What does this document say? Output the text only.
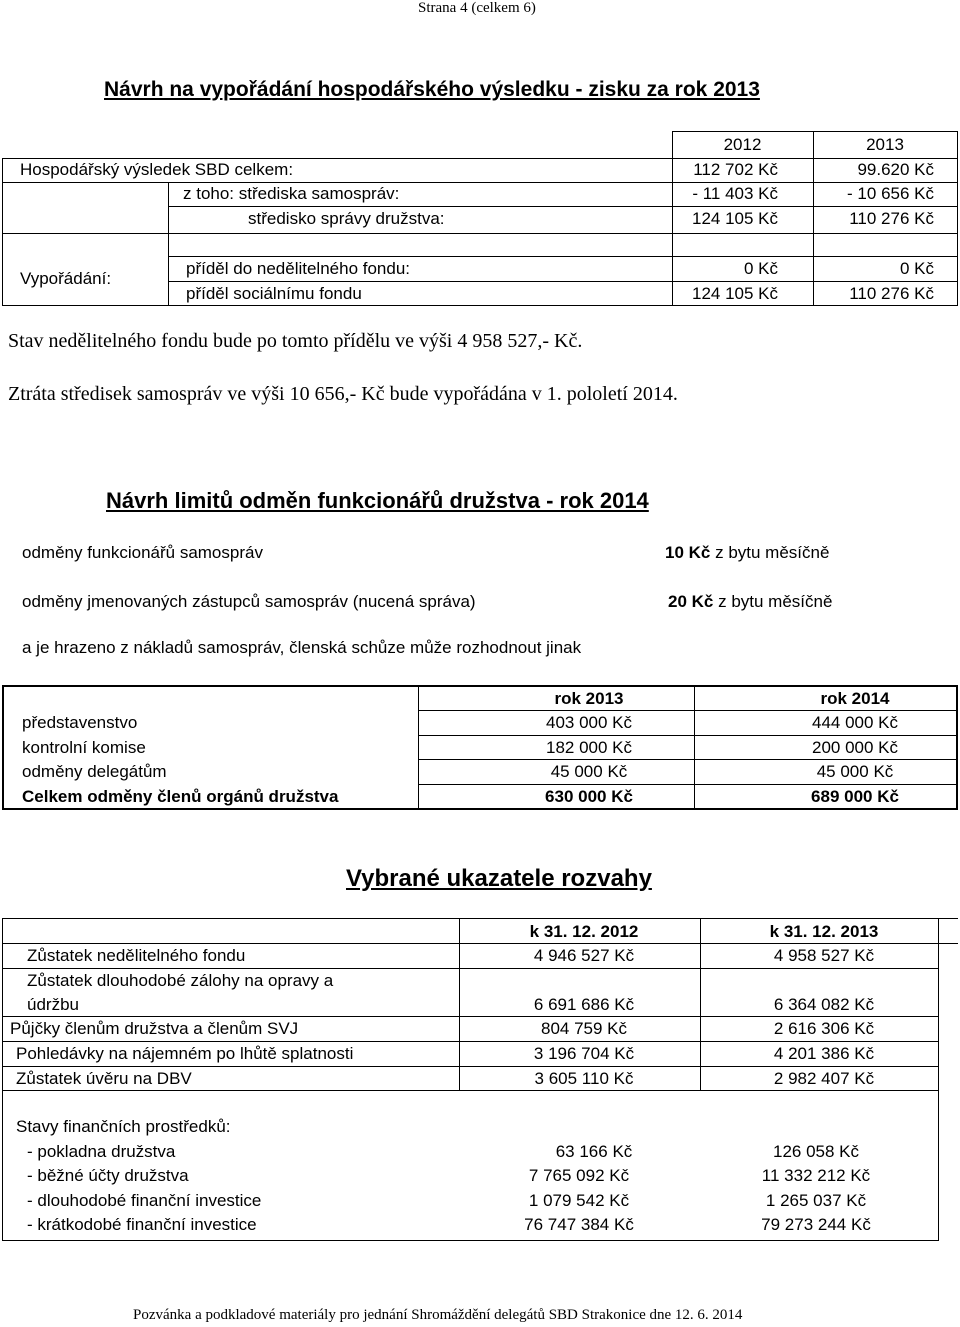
Strana 4 (celkem 6)
Návrh na vypořádání hospodářského výsledku - zisku za rok 2013
2012	2013
Hospodářský výsledek SBD celkem:	112 702 Kč	99.620 Kč
z toho: střediska samospráv:	- 11 403 Kč	- 10 656 Kč
středisko správy družstva:	124 105 Kč	110 276 Kč
Vypořádání:
příděl do nedělitelného fondu:	0 Kč	0 Kč
příděl sociálnímu fondu	124 105 Kč	110 276 Kč
Stav nedělitelného fondu bude po tomto přídělu ve výši 4 958 527,- Kč.
Ztráta středisek samospráv ve výši 10 656,- Kč bude vypořádána v 1. pololetí 2014.
Návrh limitů odměn funkcionářů družstva - rok 2014
odměny funkcionářů samospráv	10 Kč z bytu měsíčně
odměny jmenovaných zástupců samospráv (nucená správa)	20 Kč z bytu měsíčně
a je hrazeno z nákladů samospráv, členská schůze může rozhodnout jinak
rok 2013	rok 2014
představenstvo	403 000 Kč	444 000 Kč
kontrolní komise	182 000 Kč	200 000 Kč
odměny delegátům	45 000 Kč	45 000 Kč
Celkem odměny členů orgánů družstva	630 000 Kč	689 000 Kč
Vybrané ukazatele rozvahy
k 31. 12. 2012	k 31. 12. 2013
Zůstatek nedělitelného fondu	4 946 527 Kč	4 958 527 Kč
Zůstatek dlouhodobé zálohy na opravy a
údržbu	6 691 686 Kč	6 364 082 Kč
Půjčky členům družstva a členům SVJ	804 759 Kč	2 616 306 Kč
Pohledávky na nájemném po lhůtě splatnosti	3 196 704 Kč	4 201 386 Kč
Zůstatek úvěru na DBV	3 605 110 Kč	2 982 407 Kč
Stavy finančních prostředků:
- pokladna družstva	63 166 Kč	126 058 Kč
- běžné účty družstva	7 765 092 Kč	11 332 212 Kč
- dlouhodobé finanční investice	1 079 542 Kč	1 265 037 Kč
- krátkodobé finanční investice	76 747 384 Kč	79 273 244 Kč
Pozvánka a podkladové materiály pro jednání Shromáždění delegátů SBD Strakonice dne 12. 6. 2014
